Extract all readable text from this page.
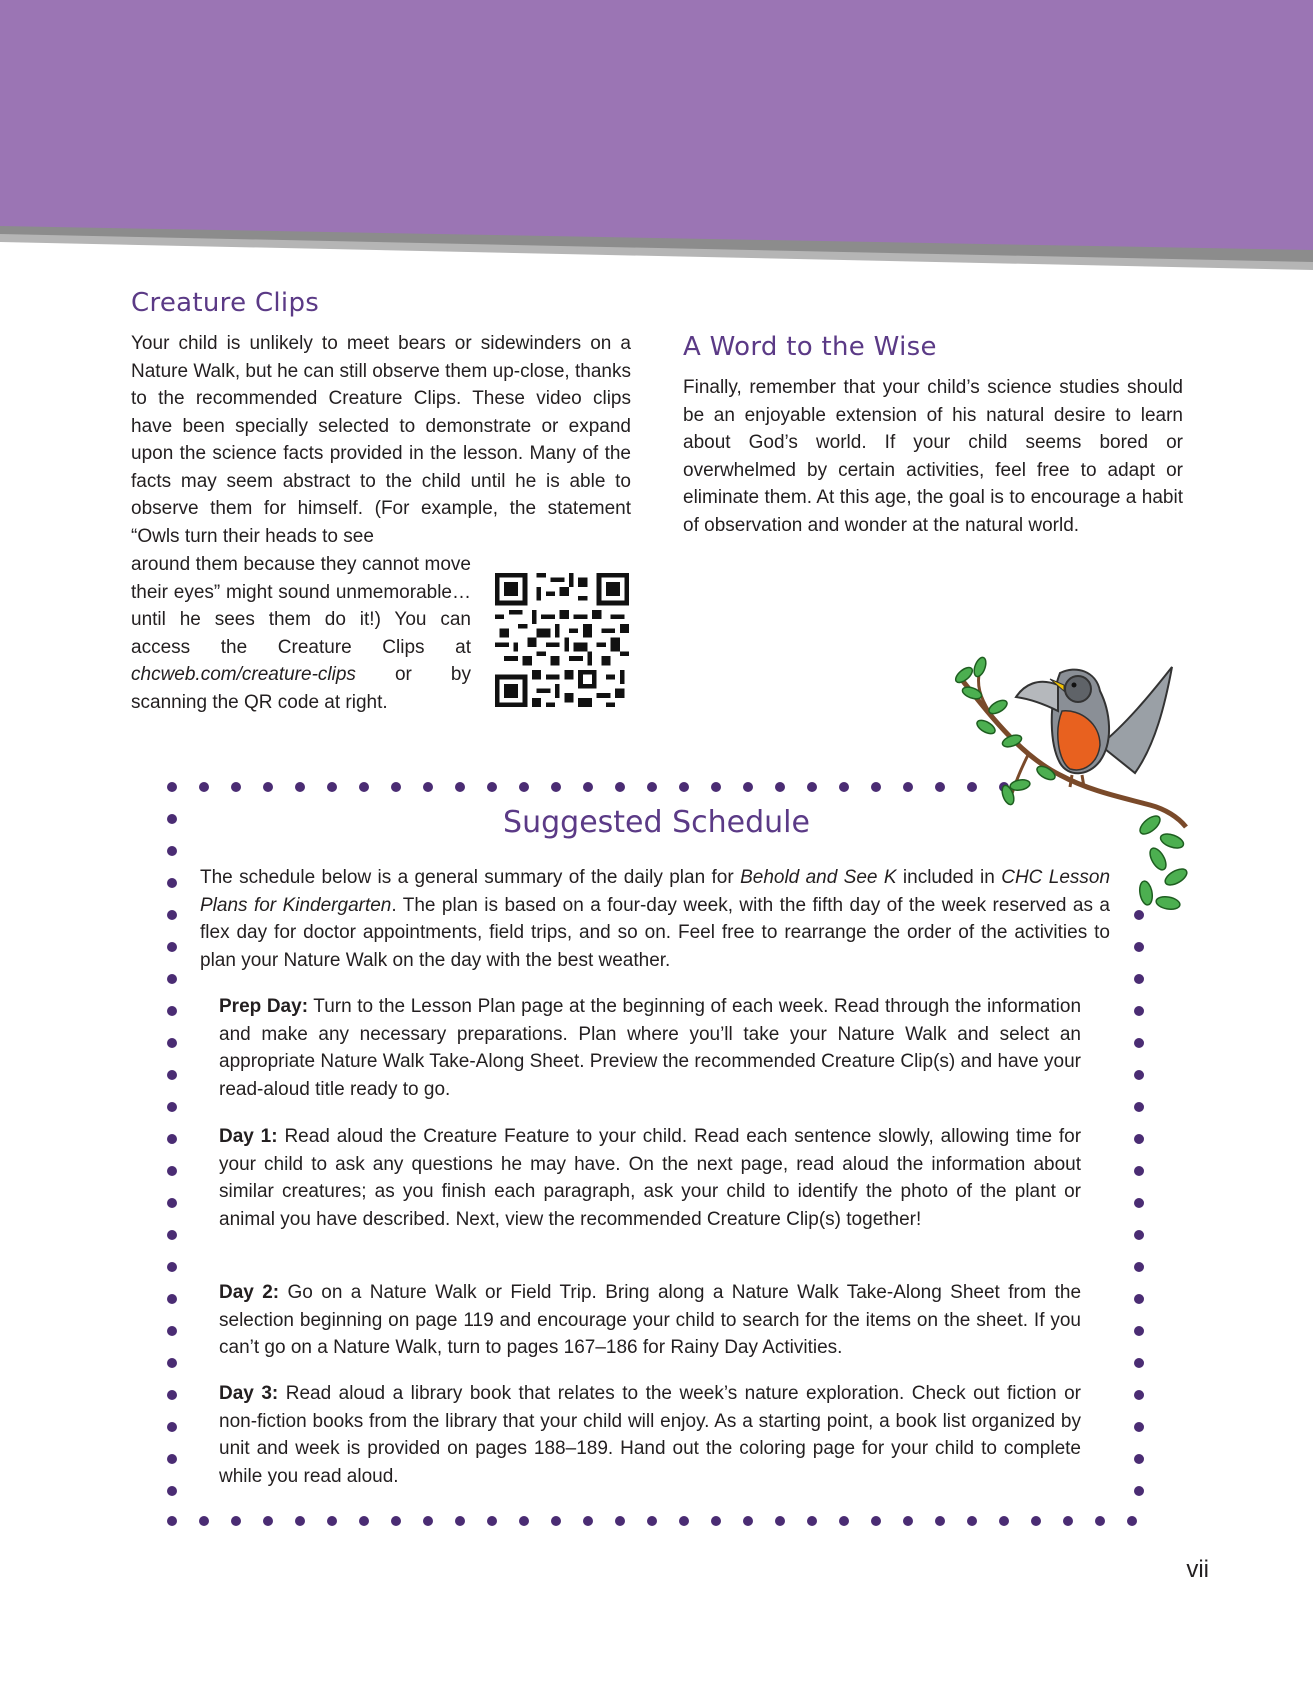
Creature Clips

Your child is unlikely to meet bears or sidewinders on a Nature Walk, but he can still observe them up-close, thanks to the recommended Creature Clips. These video clips have been specially selected to demonstrate or expand upon the science facts provided in the lesson. Many of the facts may seem abstract to the child until he is able to observe them for himself. (For example, the statement “Owls turn their heads to see

around them because they cannot move their eyes” might sound unmemorable… until he sees them do it!) You can access the Creature Clips at chcweb.com/creature-clips or by scanning the QR code at right.

A Word to the Wise

Finally, remember that your child’s science studies should be an enjoyable extension of his natural desire to learn about God’s world. If your child seems bored or overwhelmed by certain activities, feel free to adapt or eliminate them. At this age, the goal is to encourage a habit of observation and wonder at the natural world.

Suggested Schedule

The schedule below is a general summary of the daily plan for Behold and See K included in CHC Lesson Plans for Kindergarten. The plan is based on a four-day week, with the fifth day of the week reserved as a flex day for doctor appointments, field trips, and so on. Feel free to rearrange the order of the activities to plan your Nature Walk on the day with the best weather.

Prep Day: Turn to the Lesson Plan page at the beginning of each week. Read through the information and make any necessary preparations. Plan where you’ll take your Nature Walk and select an appropriate Nature Walk Take-Along Sheet. Preview the recommended Creature Clip(s) and have your read-aloud title ready to go.

Day 1: Read aloud the Creature Feature to your child. Read each sentence slowly, allowing time for your child to ask any questions he may have. On the next page, read aloud the information about similar creatures; as you finish each paragraph, ask your child to identify the photo of the plant or animal you have described. Next, view the recommended Creature Clip(s) together!

Day 2: Go on a Nature Walk or Field Trip. Bring along a Nature Walk Take-Along Sheet from the selection beginning on page 119 and encourage your child to search for the items on the sheet. If you can’t go on a Nature Walk, turn to pages 167–186 for Rainy Day Activities.

Day 3: Read aloud a library book that relates to the week’s nature exploration. Check out fiction or non-fiction books from the library that your child will enjoy. As a starting point, a book list organized by unit and week is provided on pages 188–189. Hand out the coloring page for your child to complete while you read aloud.

vii
